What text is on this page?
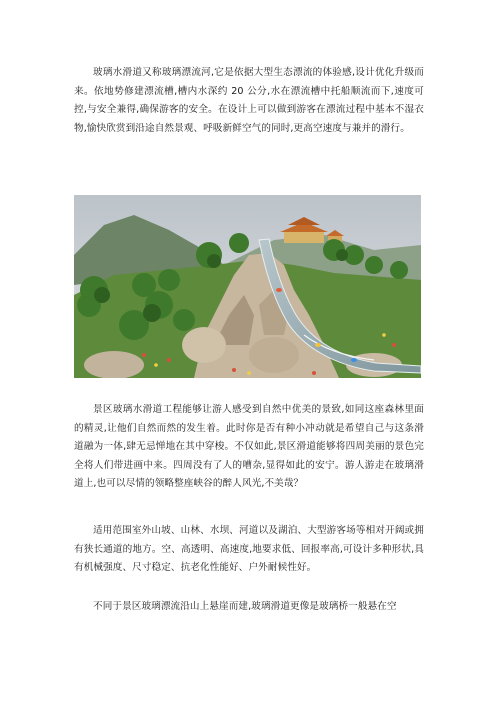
玻璃水滑道又称玻璃漂流河,它是依据大型生态漂流的体验感,设计优化升级而来。依地势修建漂流槽,槽内水深约 20 公分,水在漂流槽中托船顺流而下,速度可控,与安全兼得,确保游客的安全。在设计上可以做到游客在漂流过程中基本不湿衣物,愉快欣赏到沿途自然景观、呼吸新鲜空气的同时,更高空速度与兼并的滑行。

景区玻璃水滑道工程能够让游人感受到自然中优美的景致,如同这座森林里面的精灵,让他们自然而然的发生着。此时你是否有种小冲动就是希望自己与这条滑道融为一体,肆无忌惮地在其中穿梭。不仅如此,景区滑道能够将四周美丽的景色完全将人们带进画中来。四周没有了人的嘈杂,显得如此的安宁。游人游走在玻璃滑道上,也可以尽情的领略整座峡谷的醉人风光,不美哉？

适用范围室外山坡、山林、水坝、河道以及湖泊、大型游客场等相对开阔或拥有狭长通道的地方。空、高透明、高速度,地要求低、回报率高,可设计多种形状,具有机械强度、尺寸稳定、抗老化性能好、户外耐候性好。

不同于景区玻璃漂流沿山上悬崖而建,玻璃滑道更像是玻璃桥一般悬在空
